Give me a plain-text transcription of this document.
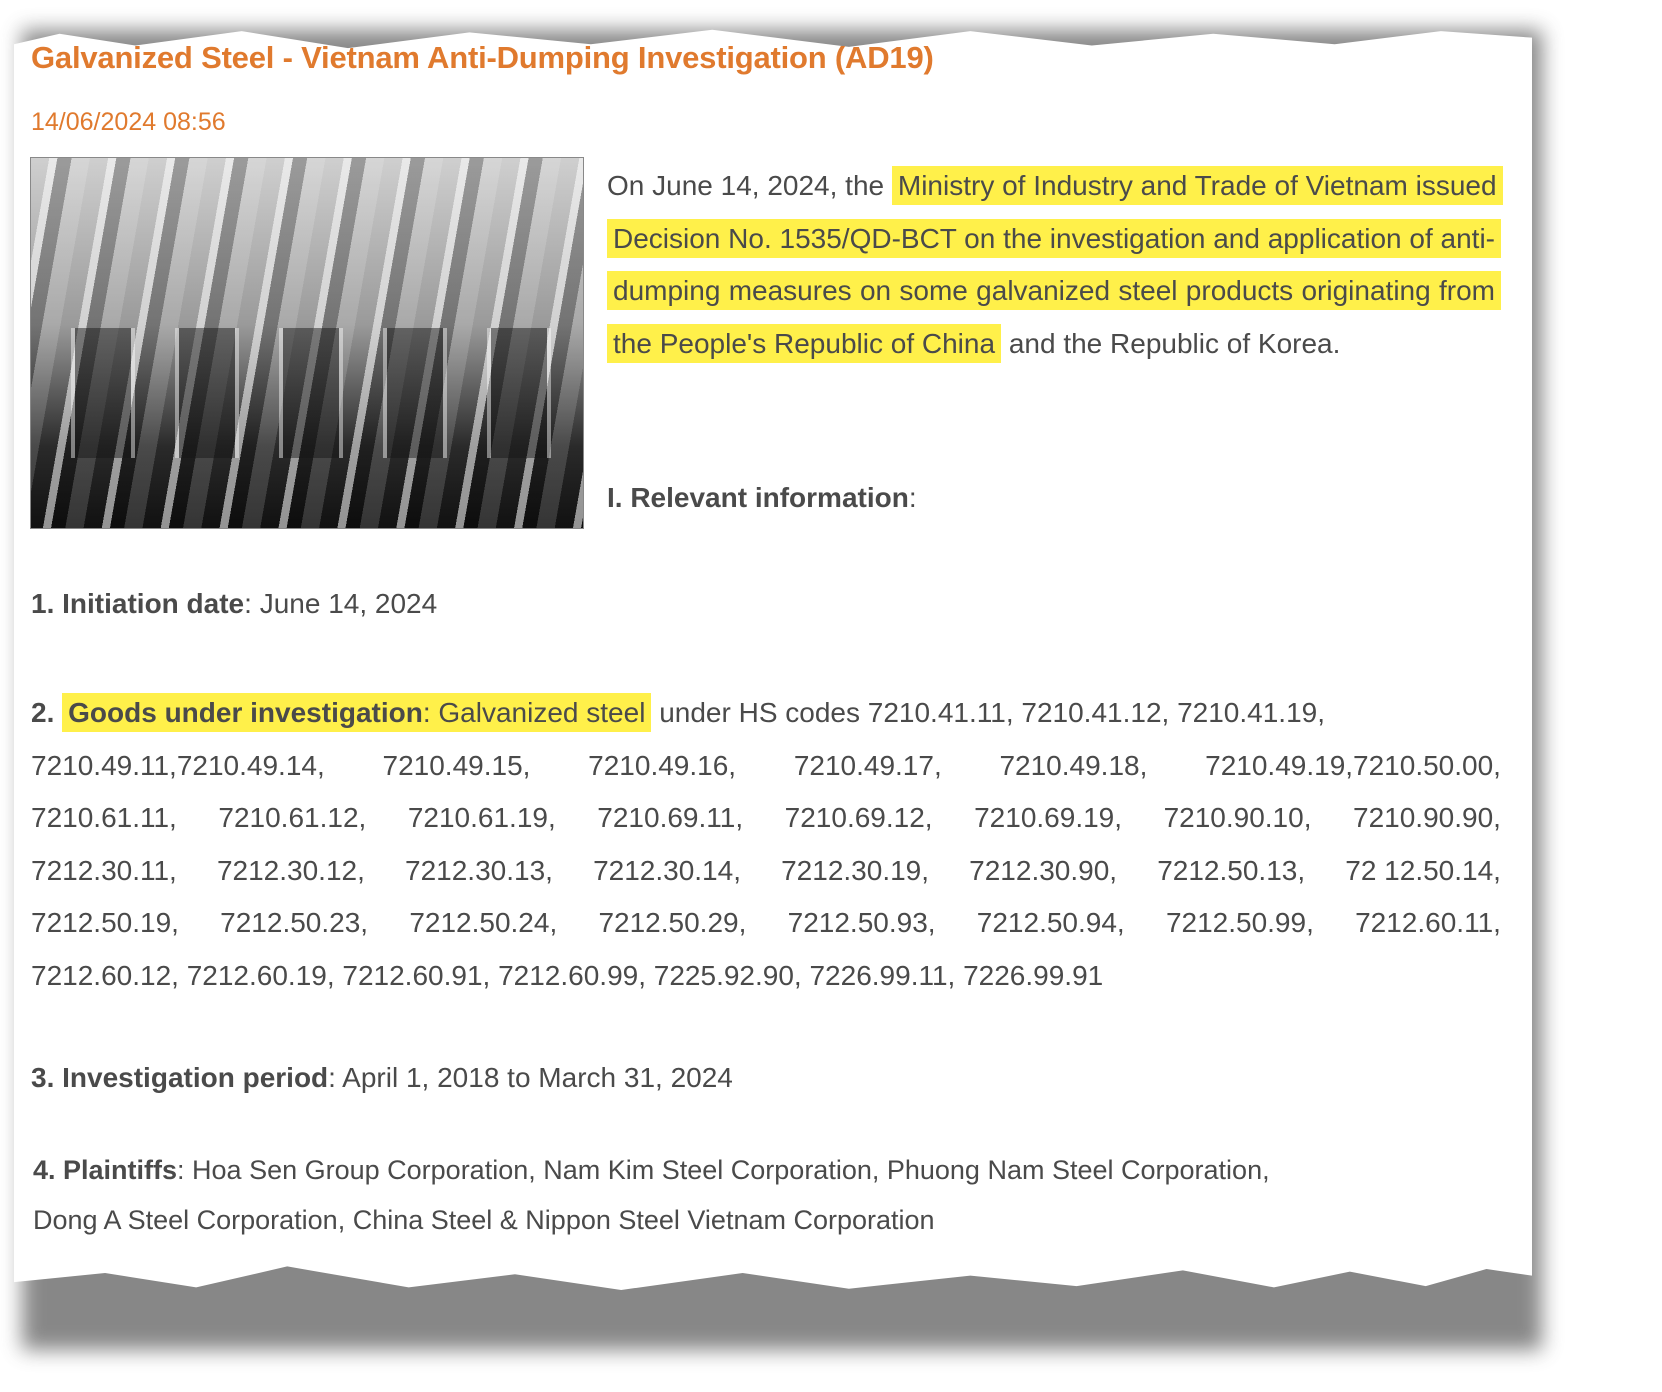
Galvanized Steel - Vietnam Anti-Dumping Investigation (AD19)
14/06/2024 08:56
On June 14, 2024, the Ministry of Industry and Trade of Vietnam issued Decision No. 1535/QD-BCT on the investigation and application of anti-dumping measures on some galvanized steel products originating from the People's Republic of China and the Republic of Korea.
I. Relevant information:
1. Initiation date: June 14, 2024
2. Goods under investigation: Galvanized steel under HS codes 7210.41.11, 7210.41.12, 7210.41.19,
7210.49.11,7210.49.14, 7210.49.15, 7210.49.16, 7210.49.17, 7210.49.18, 7210.49.19,7210.50.00,
7210.61.11, 7210.61.12, 7210.61.19, 7210.69.11, 7210.69.12, 7210.69.19, 7210.90.10, 7210.90.90,
7212.30.11, 7212.30.12, 7212.30.13, 7212.30.14, 7212.30.19, 7212.30.90, 7212.50.13, 72 12.50.14,
7212.50.19, 7212.50.23, 7212.50.24, 7212.50.29, 7212.50.93, 7212.50.94, 7212.50.99, 7212.60.11,
7212.60.12, 7212.60.19, 7212.60.91, 7212.60.99, 7225.92.90, 7226.99.11, 7226.99.91
3. Investigation period: April 1, 2018 to March 31, 2024
4. Plaintiffs: Hoa Sen Group Corporation, Nam Kim Steel Corporation, Phuong Nam Steel Corporation,
Dong A Steel Corporation, China Steel & Nippon Steel Vietnam Corporation
